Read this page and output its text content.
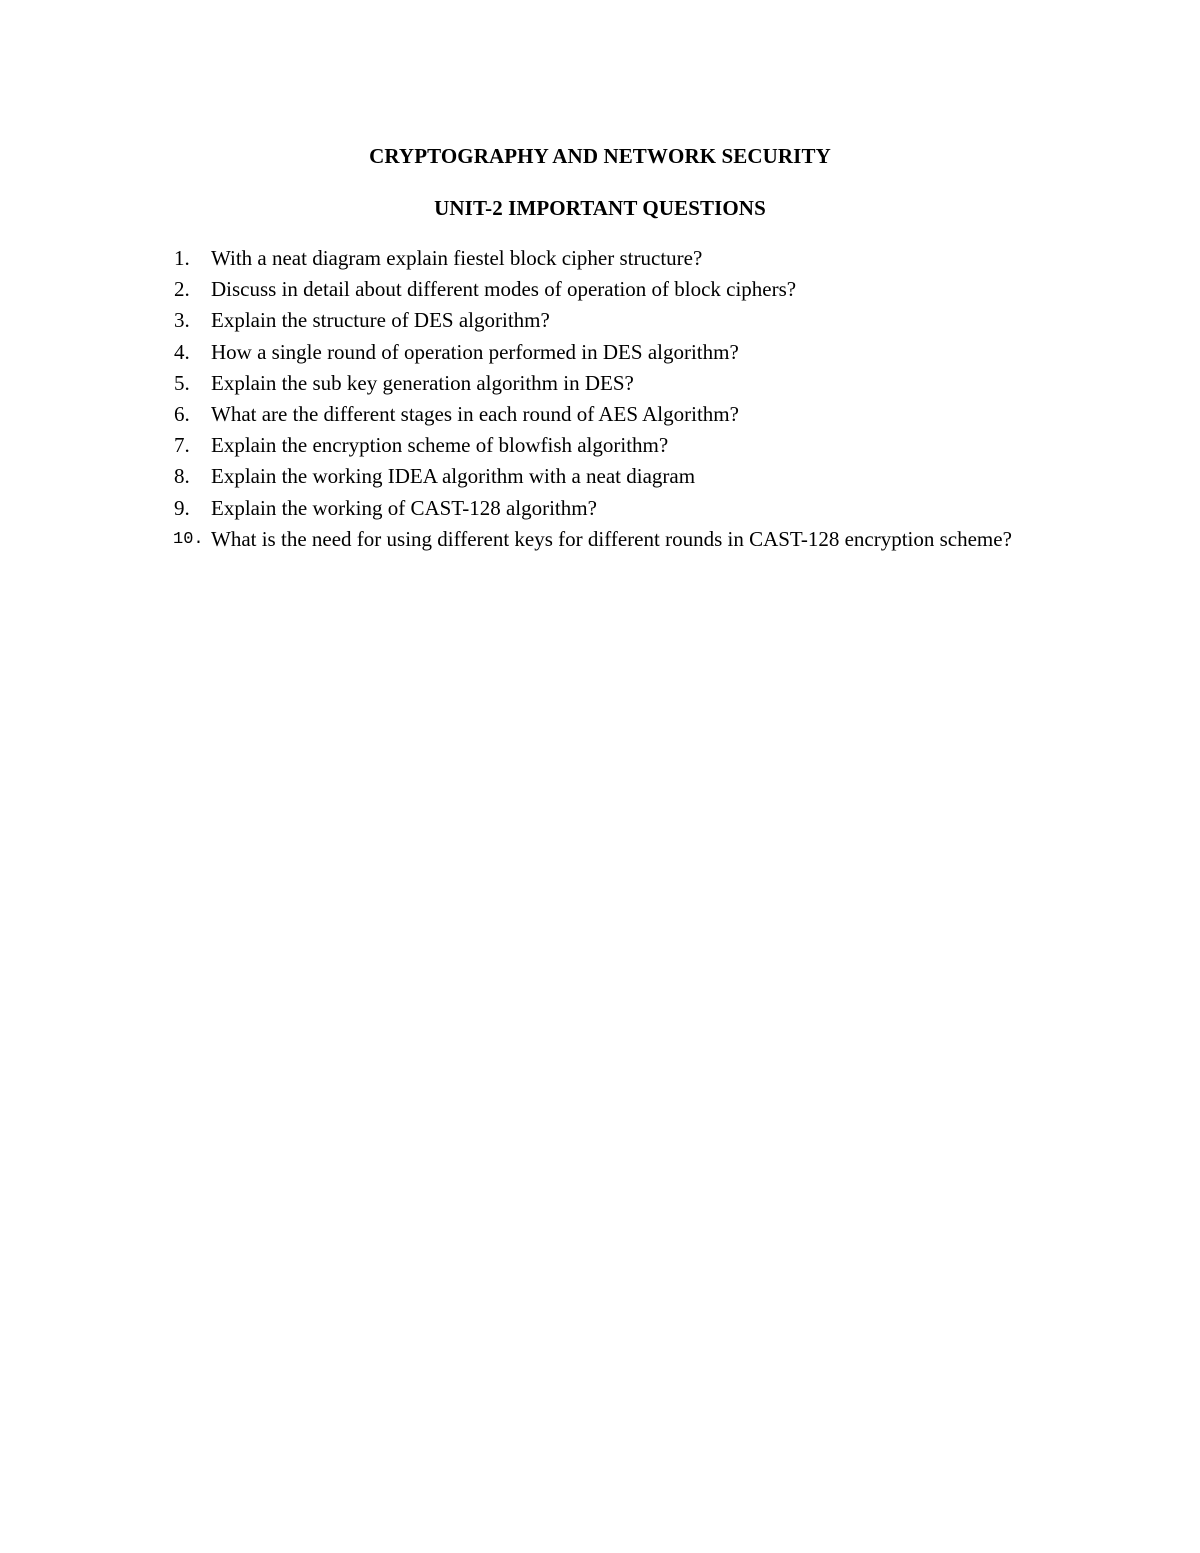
CRYPTOGRAPHY AND NETWORK SECURITY
UNIT-2 IMPORTANT QUESTIONS
1. With a neat diagram explain fiestel block cipher structure?
2. Discuss in detail about different modes of operation of block ciphers?
3. Explain the structure of DES algorithm?
4. How a single round of operation performed in DES algorithm?
5. Explain the sub key generation algorithm in DES?
6. What are the different stages in each round of AES Algorithm?
7. Explain the encryption scheme of blowfish algorithm?
8. Explain the working IDEA algorithm with a neat diagram
9. Explain the working of CAST-128 algorithm?
10. What is the need for using different keys for different rounds in CAST-128 encryption scheme?
